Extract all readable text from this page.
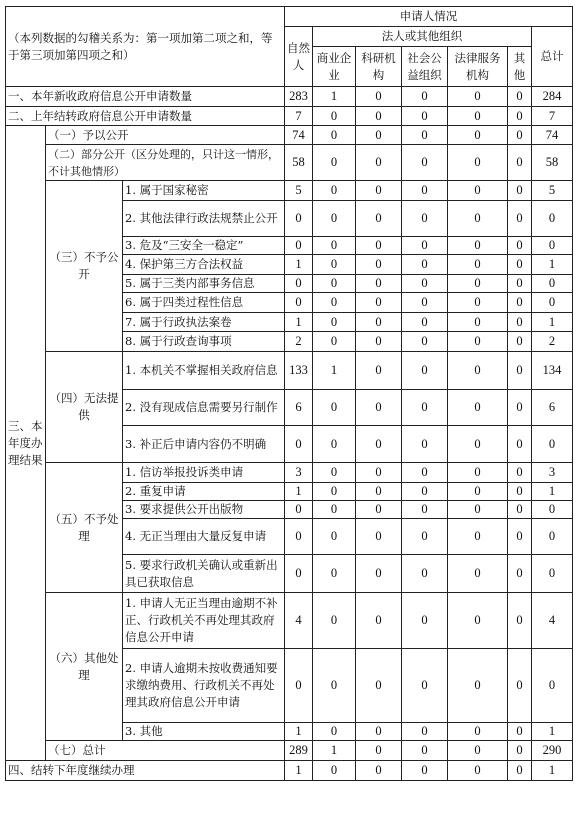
（本列数据的勾稽关系为：第一项加第二项之和，等于第三项加第四项之和）			申请人情况						
			自然人	法人或其他组织					总计
				商业企业	科研机构	社会公益组织	法律服务机构	其他	
一、本年新收政府信息公开申请数量			283	1	0	0	0	0	284
二、上年结转政府信息公开申请数量			7	0	0	0	0	0	7
三、本年度办理结果	（一）予以公开		74	0	0	0	0	0	74
	（二）部分公开（区分处理的，只计这一情形，不计其他情形）		58	0	0	0	0	0	58
	（三）不予公开	1. 属于国家秘密	5	0	0	0	0	0	5
		2. 其他法律行政法规禁止公开	0	0	0	0	0	0	0
		3. 危及“三安全一稳定”	0	0	0	0	0	0	0
		4. 保护第三方合法权益	1	0	0	0	0	0	1
		5. 属于三类内部事务信息	0	0	0	0	0	0	0
		6. 属于四类过程性信息	0	0	0	0	0	0	0
		7. 属于行政执法案卷	1	0	0	0	0	0	1
		8. 属于行政查询事项	2	0	0	0	0	0	2
	（四）无法提供	1. 本机关不掌握相关政府信息	133	1	0	0	0	0	134
		2. 没有现成信息需要另行制作	6	0	0	0	0	0	6
		3. 补正后申请内容仍不明确	0	0	0	0	0	0	0
	（五）不予处理	1. 信访举报投诉类申请	3	0	0	0	0	0	3
		2. 重复申请	1	0	0	0	0	0	1
		3. 要求提供公开出版物	0	0	0	0	0	0	0
		4. 无正当理由大量反复申请	0	0	0	0	0	0	0
		5. 要求行政机关确认或重新出具已获取信息	0	0	0	0	0	0	0
	（六）其他处理	1. 申请人无正当理由逾期不补正、行政机关不再处理其政府信息公开申请	4	0	0	0	0	0	4
		2. 申请人逾期未按收费通知要求缴纳费用、行政机关不再处理其政府信息公开申请	0	0	0	0	0	0	0
		3. 其他	1	0	0	0	0	0	1
	（七）总计		289	1	0	0	0	0	290
四、结转下年度继续办理			1	0	0	0	0	0	1
